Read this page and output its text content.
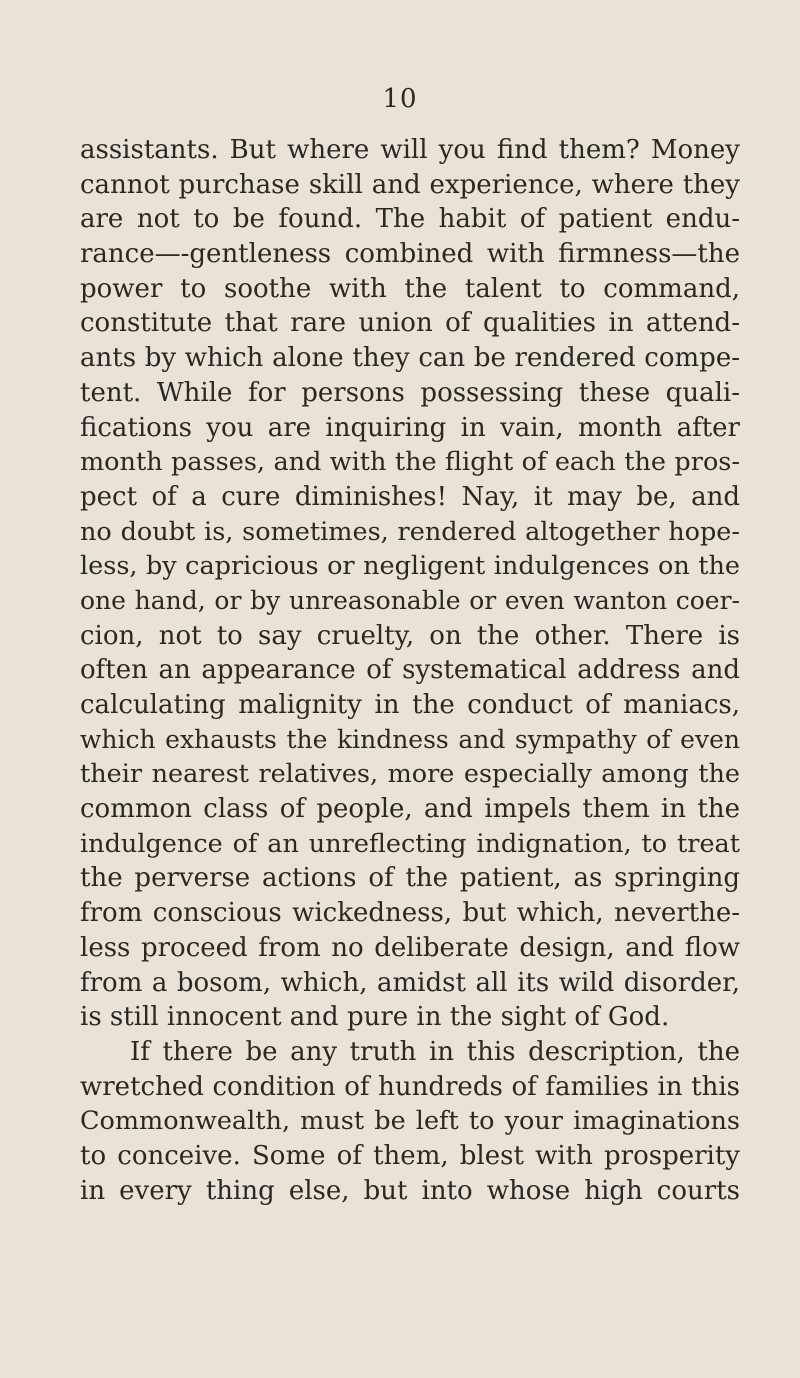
10
assistants. But where will you find them? Money
cannot purchase skill and experience, where they
are not to be found. The habit of patient endu-
rance—-gentleness combined with firmness—the
power to soothe with the talent to command,
constitute that rare union of qualities in attend-
ants by which alone they can be rendered compe-
tent. While for persons possessing these quali-
fications you are inquiring in vain, month after
month passes, and with the flight of each the pros-
pect of a cure diminishes! Nay, it may be, and
no doubt is, sometimes, rendered altogether hope-
less, by capricious or negligent indulgences on the
one hand, or by unreasonable or even wanton coer-
cion, not to say cruelty, on the other. There is
often an appearance of systematical address and
calculating malignity in the conduct of maniacs,
which exhausts the kindness and sympathy of even
their nearest relatives, more especially among the
common class of people, and impels them in the
indulgence of an unreflecting indignation, to treat
the perverse actions of the patient, as springing
from conscious wickedness, but which, neverthe-
less proceed from no deliberate design, and flow
from a bosom, which, amidst all its wild disorder,
is still innocent and pure in the sight of God.
If there be any truth in this description, the
wretched condition of hundreds of families in this
Commonwealth, must be left to your imaginations
to conceive. Some of them, blest with prosperity
in every thing else, but into whose high courts
